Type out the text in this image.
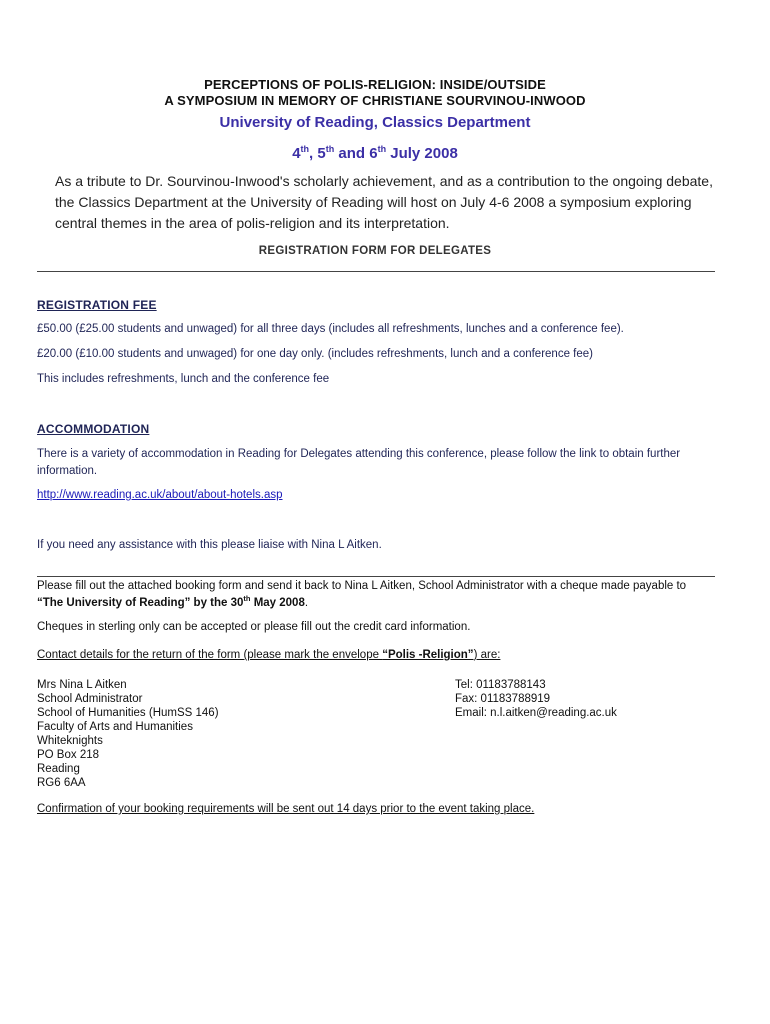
PERCEPTIONS OF POLIS-RELIGION: INSIDE/OUTSIDE
A SYMPOSIUM IN MEMORY OF CHRISTIANE SOURVINOU-INWOOD
University of Reading, Classics Department
4th, 5th and 6th July 2008
As a tribute to Dr. Sourvinou-Inwood's scholarly achievement, and as a contribution to the ongoing debate, the Classics Department at the University of Reading will host on July 4-6 2008 a symposium exploring central themes in the area of polis-religion and its interpretation.
REGISTRATION FORM FOR DELEGATES
REGISTRATION FEE
£50.00 (£25.00 students and unwaged) for all three days (includes all refreshments, lunches and a conference fee).
£20.00 (£10.00 students and unwaged) for one day only. (includes refreshments, lunch and a conference fee)
This includes refreshments, lunch and the conference fee
ACCOMMODATION
There is a variety of accommodation in Reading for Delegates attending this conference, please follow the link to obtain further information.
http://www.reading.ac.uk/about/about-hotels.asp
If you need any assistance with this please liaise with Nina L Aitken.
Please fill out the attached booking form and send it back to Nina L Aitken, School Administrator with a cheque made payable to “The University of Reading” by the 30th May 2008.
Cheques in sterling only can be accepted or please fill out the credit card information.
Contact details for the return of the form (please mark the envelope “Polis -Religion”) are:
Mrs Nina L Aitken
School Administrator
School of Humanities (HumSS 146)
Faculty of Arts and Humanities
Whiteknights
PO Box 218
Reading
RG6 6AA
Tel: 01183788143
Fax: 01183788919
Email: n.l.aitken@reading.ac.uk
Confirmation of your booking requirements will be sent out 14 days prior to the event taking place.
